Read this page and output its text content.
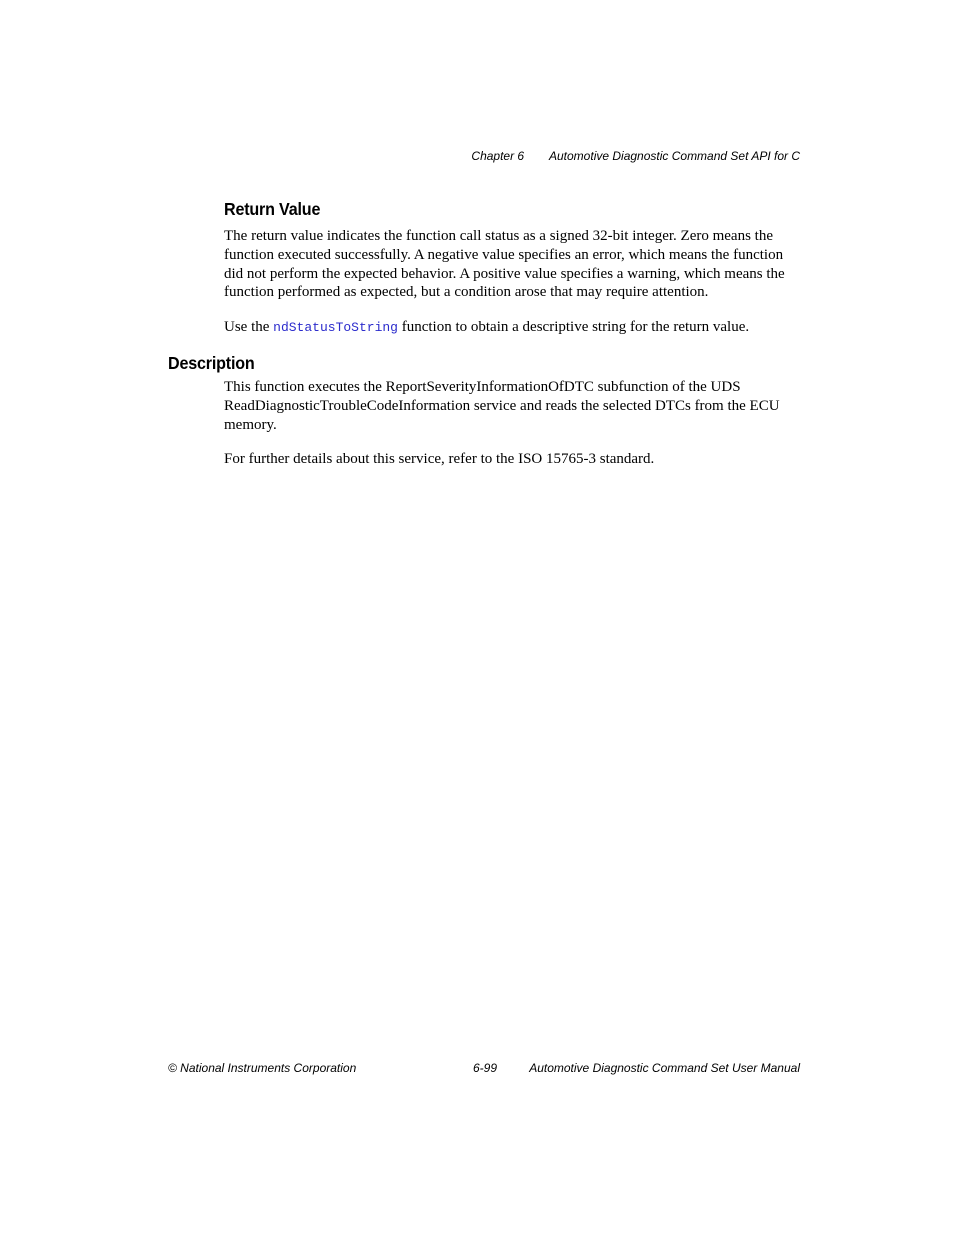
Chapter 6 Automotive Diagnostic Command Set API for C
Return Value

The return value indicates the function call status as a signed 32-bit integer. Zero means the function executed successfully. A negative value specifies an error, which means the function did not perform the expected behavior. A positive value specifies a warning, which means the function performed as expected, but a condition arose that may require attention.

Use the ndStatusToString function to obtain a descriptive string for the return value.

Description

This function executes the ReportSeverityInformationOfDTC subfunction of the UDS ReadDiagnosticTroubleCodeInformation service and reads the selected DTCs from the ECU memory.

For further details about this service, refer to the ISO 15765-3 standard.

© National Instruments Corporation	6-99	Automotive Diagnostic Command Set User Manual
